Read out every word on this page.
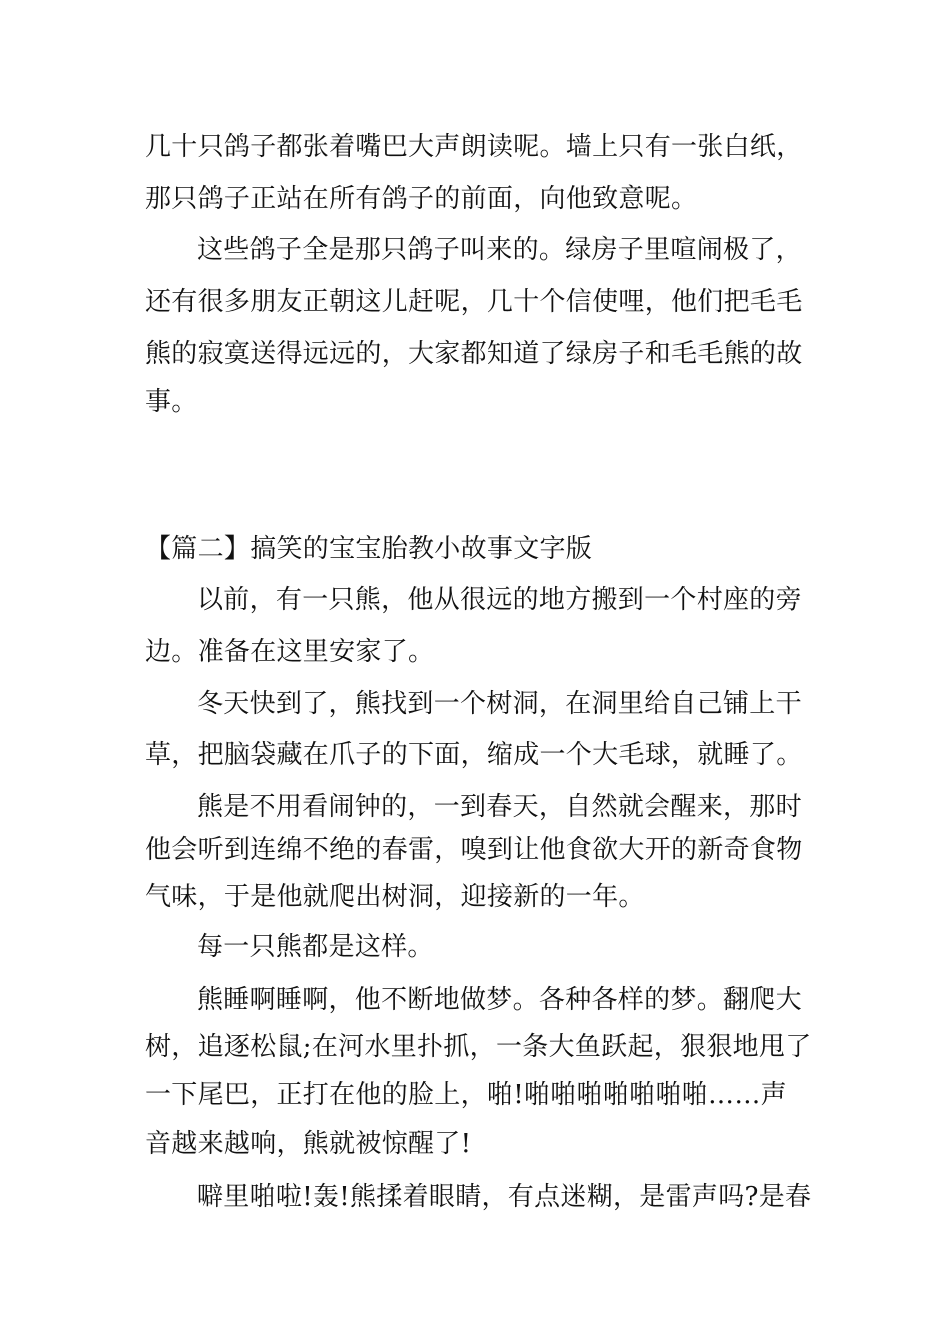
几十只鸽子都张着嘴巴大声朗读呢。墙上只有一张白纸，
那只鸽子正站在所有鸽子的前面，向他致意呢。
这些鸽子全是那只鸽子叫来的。绿房子里喧闹极了，
还有很多朋友正朝这儿赶呢，几十个信使哩，他们把毛毛
熊的寂寞送得远远的，大家都知道了绿房子和毛毛熊的故
事。
【篇二】搞笑的宝宝胎教小故事文字版
以前，有一只熊，他从很远的地方搬到一个村座的旁
边。准备在这里安家了。
冬天快到了，熊找到一个树洞，在洞里给自己铺上干
草，把脑袋藏在爪子的下面，缩成一个大毛球，就睡了。
熊是不用看闹钟的，一到春天，自然就会醒来，那时
他会听到连绵不绝的春雷，嗅到让他食欲大开的新奇食物
气味，于是他就爬出树洞，迎接新的一年。
每一只熊都是这样。
熊睡啊睡啊，他不断地做梦。各种各样的梦。翻爬大
树，追逐松鼠;在河水里扑抓，一条大鱼跃起，狠狠地甩了
一下尾巴，正打在他的脸上，啪!啪啪啪啪啪啪啪……声
音越来越响，熊就被惊醒了!
噼里啪啦!轰!熊揉着眼睛，有点迷糊，是雷声吗?是春
